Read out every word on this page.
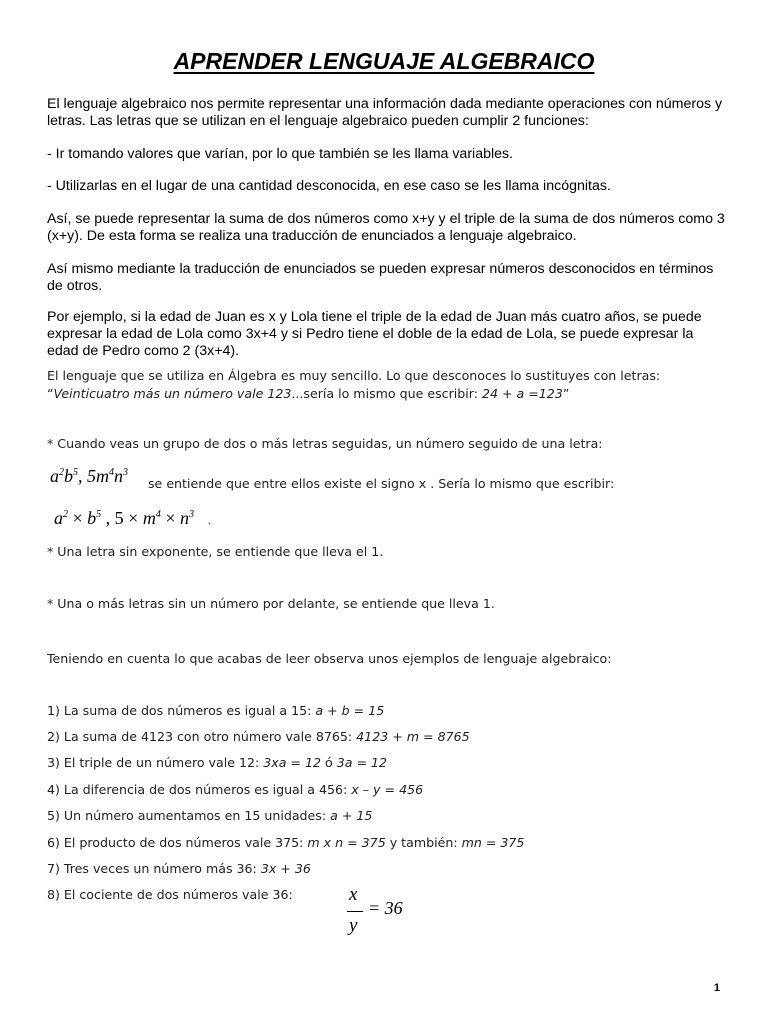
APRENDER LENGUAJE ALGEBRAICO
El lenguaje algebraico nos permite representar una información dada mediante operaciones con números y letras. Las letras que se utilizan en el lenguaje algebraico pueden cumplir 2 funciones:
- Ir tomando valores que varían, por lo que también se les llama variables.
- Utilizarlas en el lugar de una cantidad desconocida, en ese caso se les llama incógnitas.
Así, se puede representar la suma de dos números como x+y y el triple de la suma de dos números como 3 (x+y). De esta forma se realiza una traducción de enunciados a lenguaje algebraico.
Así mismo mediante la traducción de enunciados se pueden expresar números desconocidos en términos de otros.
Por ejemplo, si la edad de Juan es x y Lola tiene el triple de la edad de Juan más cuatro años, se puede expresar la edad de Lola como 3x+4 y si Pedro tiene el doble de la edad de Lola, se puede expresar la edad de Pedro como 2 (3x+4).
El lenguaje que se utiliza en Álgebra es muy sencillo. Lo que desconoces lo sustituyes con letras: “Veinticuatro más un número vale 123...sería lo mismo que escribir: 24 + a =123”
* Cuando veas un grupo de dos o más letras seguidas, un número seguido de una letra:
$a^2b^5$, $5m^4n^3$
se entiende que entre ellos existe el signo x . Sería lo mismo que escribir:
$a^2 \times b^5$ , $5 \times m^4 \times n^3$ .
* Una letra sin exponente, se entiende que lleva el 1.
* Una o más letras sin un número por delante, se entiende que lleva 1.
Teniendo en cuenta lo que acabas de leer observa unos ejemplos de lenguaje algebraico:
1) La suma de dos números es igual a 15: a + b = 15
2) La suma de 4123 con otro número vale 8765: 4123 + m = 8765
3) El triple de un número vale 12: 3xa = 12 ó 3a = 12
4) La diferencia de dos números es igual a 456: x – y = 456
5) Un número aumentamos en 15 unidades: a + 15
6) El producto de dos números vale 375: m x n = 375 y también: mn = 375
7) Tres veces un número más 36: 3x + 36
8) El cociente de dos números vale 36:	x
y
= 36
1
